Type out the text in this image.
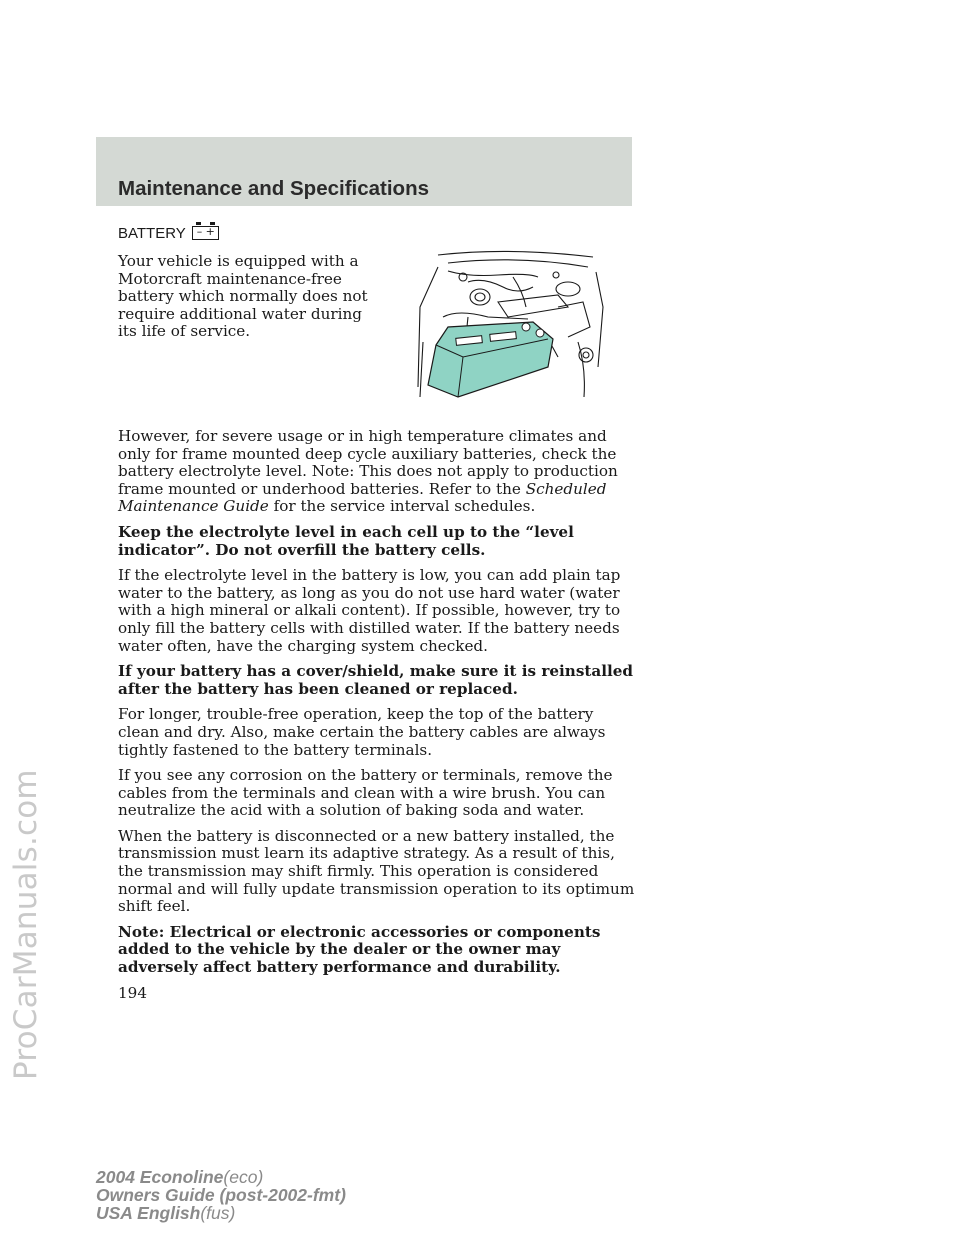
ProCarManuals.com
Maintenance and Specifications
BATTERY – +

Your vehicle is equipped with a Motorcraft maintenance-free battery which normally does not require additional water during its life of service.

However, for severe usage or in high temperature climates and only for frame mounted deep cycle auxiliary batteries, check the battery electrolyte level. Note: This does not apply to production frame mounted or underhood batteries. Refer to the Scheduled Maintenance Guide for the service interval schedules.

Keep the electrolyte level in each cell up to the “level indicator”. Do not overfill the battery cells.

If the electrolyte level in the battery is low, you can add plain tap water to the battery, as long as you do not use hard water (water with a high mineral or alkali content). If possible, however, try to only fill the battery cells with distilled water. If the battery needs water often, have the charging system checked.

If your battery has a cover/shield, make sure it is reinstalled after the battery has been cleaned or replaced.

For longer, trouble-free operation, keep the top of the battery clean and dry. Also, make certain the battery cables are always tightly fastened to the battery terminals.

If you see any corrosion on the battery or terminals, remove the cables from the terminals and clean with a wire brush. You can neutralize the acid with a solution of baking soda and water.

When the battery is disconnected or a new battery installed, the transmission must learn its adaptive strategy. As a result of this, the transmission may shift firmly. This operation is considered normal and will fully update transmission operation to its optimum shift feel.

Note: Electrical or electronic accessories or components added to the vehicle by the dealer or the owner may adversely affect battery performance and durability.

194
2004 Econoline(eco)
Owners Guide (post-2002-fmt)
USA English(fus)
